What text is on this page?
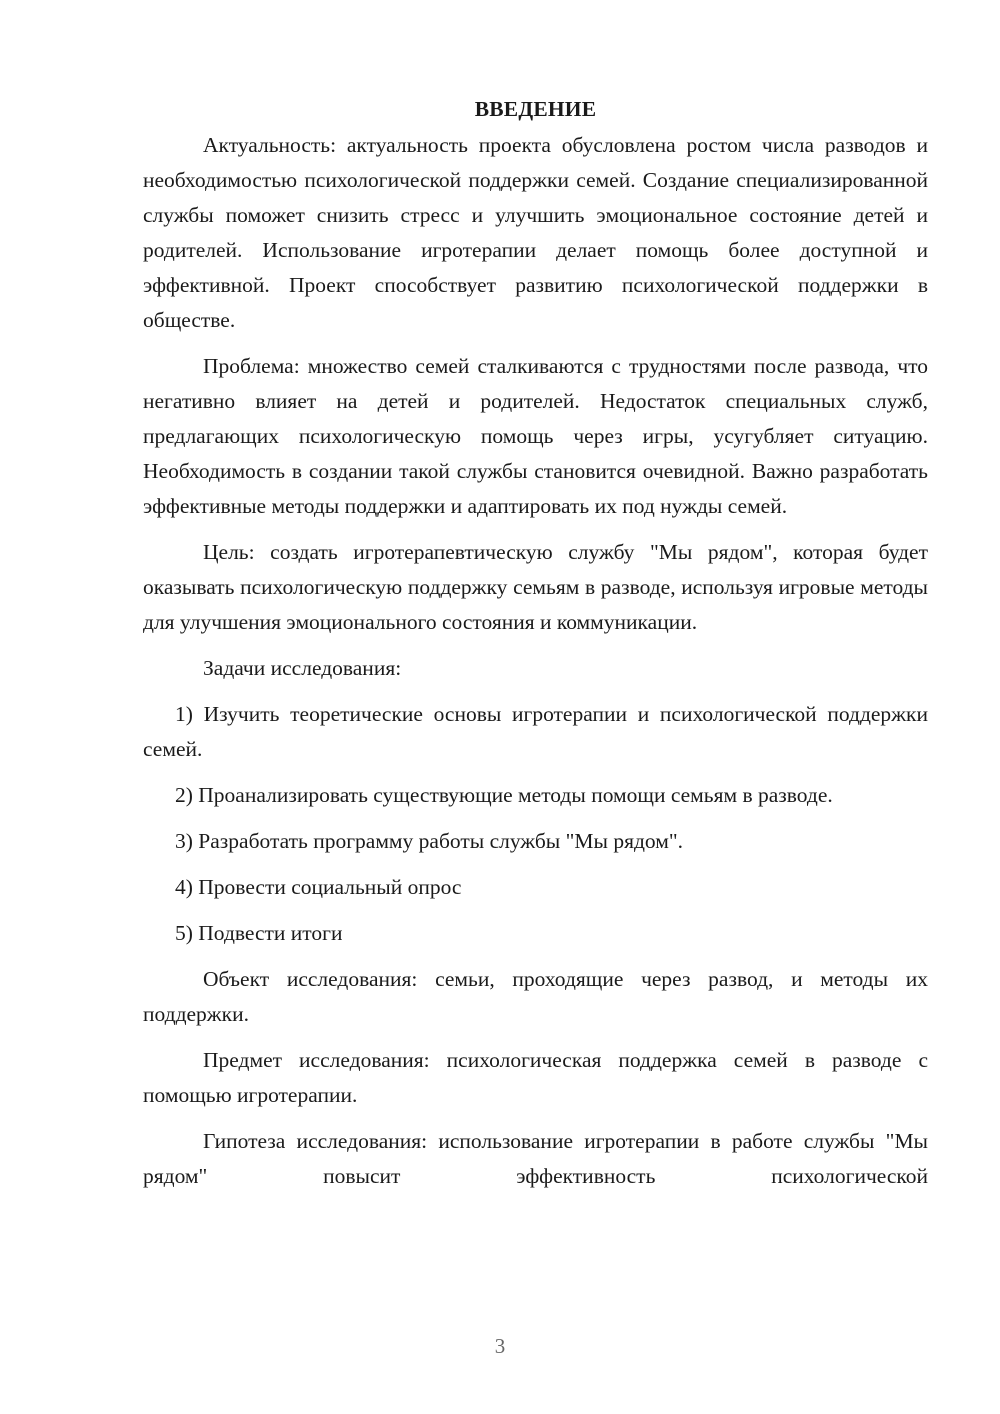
ВВЕДЕНИЕ

Актуальность: актуальность проекта обусловлена ростом числа разводов и необходимостью психологической поддержки семей. Создание специализированной службы поможет снизить стресс и улучшить эмоциональное состояние детей и родителей. Использование игротерапии делает помощь более доступной и эффективной. Проект способствует развитию психологической поддержки в обществе.

Проблема: множество семей сталкиваются с трудностями после развода, что негативно влияет на детей и родителей. Недостаток специальных служб, предлагающих психологическую помощь через игры, усугубляет ситуацию. Необходимость в создании такой службы становится очевидной. Важно разработать эффективные методы поддержки и адаптировать их под нужды семей.

Цель: создать игротерапевтическую службу "Мы рядом", которая будет оказывать психологическую поддержку семьям в разводе, используя игровые методы для улучшения эмоционального состояния и коммуникации.

Задачи исследования:

1) Изучить теоретические основы игротерапии и психологической поддержки семей.

2) Проанализировать существующие методы помощи семьям в разводе.

3) Разработать программу работы службы "Мы рядом".

4) Провести социальный опрос

5) Подвести итоги

Объект исследования: семьи, проходящие через развод, и методы их поддержки.

Предмет исследования: психологическая поддержка семей в разводе с помощью игротерапии.

Гипотеза исследования: использование игротерапии в работе службы "Мы рядом" повысит эффективность психологической

3
